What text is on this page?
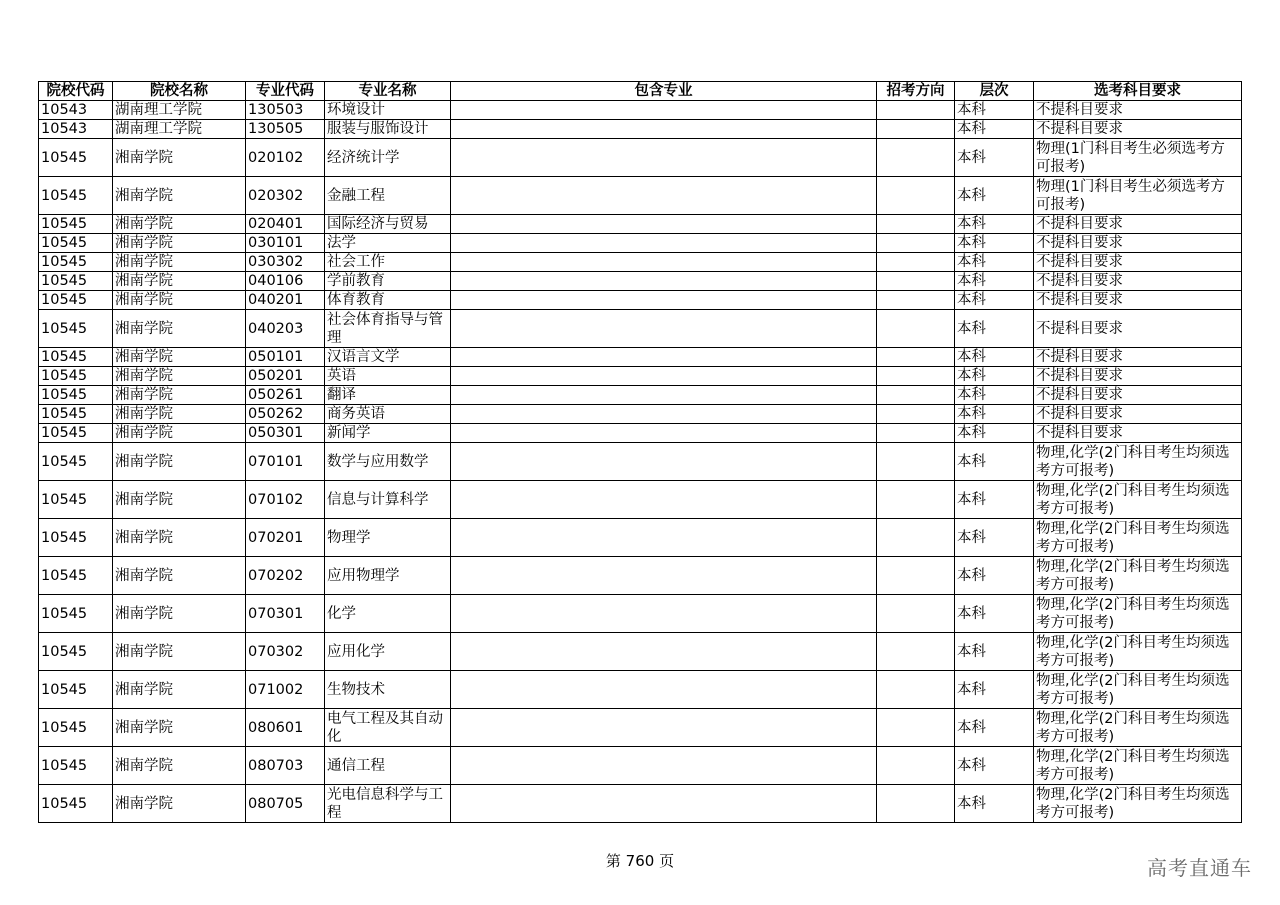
院校代码	院校名称	专业代码	专业名称	包含专业	招考方向	层次	选考科目要求
10543	湖南理工学院	130503	环境设计			本科	不提科目要求
10543	湖南理工学院	130505	服装与服饰设计			本科	不提科目要求
10545	湘南学院	020102	经济统计学			本科	物理(1门科目考生必须选考方可报考)
10545	湘南学院	020302	金融工程			本科	物理(1门科目考生必须选考方可报考)
10545	湘南学院	020401	国际经济与贸易			本科	不提科目要求
10545	湘南学院	030101	法学			本科	不提科目要求
10545	湘南学院	030302	社会工作			本科	不提科目要求
10545	湘南学院	040106	学前教育			本科	不提科目要求
10545	湘南学院	040201	体育教育			本科	不提科目要求
10545	湘南学院	040203	社会体育指导与管理			本科	不提科目要求
10545	湘南学院	050101	汉语言文学			本科	不提科目要求
10545	湘南学院	050201	英语			本科	不提科目要求
10545	湘南学院	050261	翻译			本科	不提科目要求
10545	湘南学院	050262	商务英语			本科	不提科目要求
10545	湘南学院	050301	新闻学			本科	不提科目要求
10545	湘南学院	070101	数学与应用数学			本科	物理,化学(2门科目考生均须选考方可报考)
10545	湘南学院	070102	信息与计算科学			本科	物理,化学(2门科目考生均须选考方可报考)
10545	湘南学院	070201	物理学			本科	物理,化学(2门科目考生均须选考方可报考)
10545	湘南学院	070202	应用物理学			本科	物理,化学(2门科目考生均须选考方可报考)
10545	湘南学院	070301	化学			本科	物理,化学(2门科目考生均须选考方可报考)
10545	湘南学院	070302	应用化学			本科	物理,化学(2门科目考生均须选考方可报考)
10545	湘南学院	071002	生物技术			本科	物理,化学(2门科目考生均须选考方可报考)
10545	湘南学院	080601	电气工程及其自动化			本科	物理,化学(2门科目考生均须选考方可报考)
10545	湘南学院	080703	通信工程			本科	物理,化学(2门科目考生均须选考方可报考)
10545	湘南学院	080705	光电信息科学与工程			本科	物理,化学(2门科目考生均须选考方可报考)
第 760 页	高考直通车
